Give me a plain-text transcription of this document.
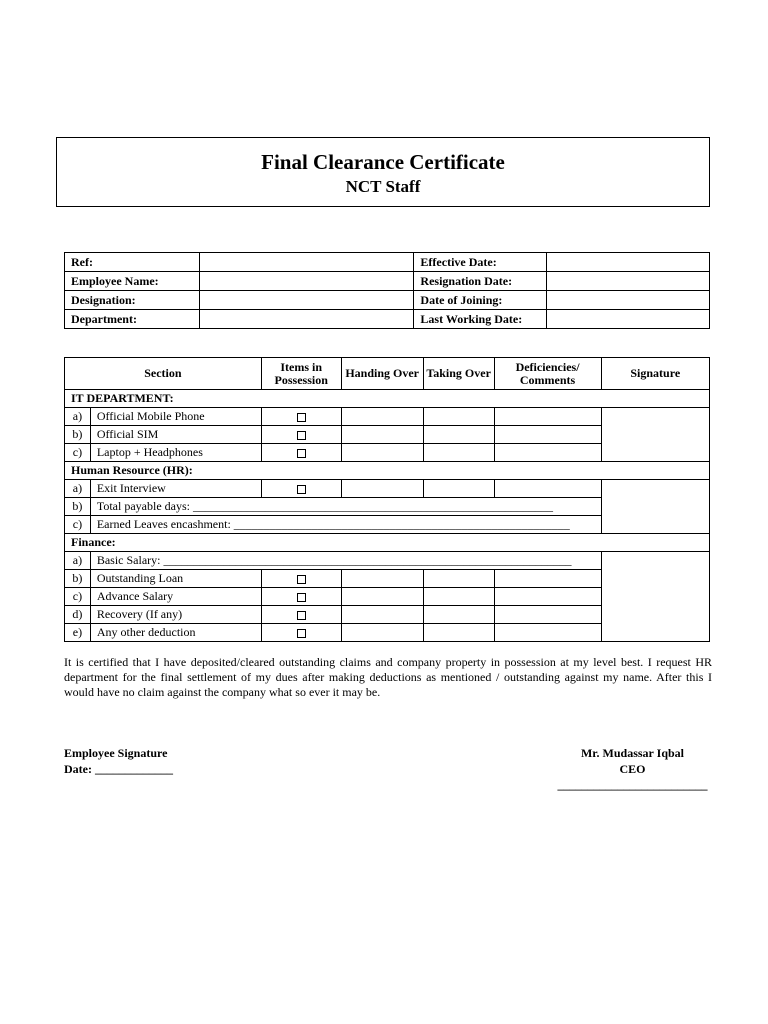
Final Clearance Certificate
NCT Staff
Ref:		Effective Date:	
Employee Name:		Resignation Date:	
Designation:		Date of Joining:	
Department:		Last Working Date:	
Section		Items in Possession	Handing Over	Taking Over	Deficiencies/ Comments	Signature
IT DEPARTMENT:						
a)	Official Mobile Phone					
b)	Official SIM					
c)	Laptop + Headphones					
Human Resource (HR):						
a)	Exit Interview					
b)	Total payable days: ____________________________________________________________					
c)	Earned Leaves encashment: ________________________________________________________					
Finance:						
a)	Basic Salary: ____________________________________________________________________					
b)	Outstanding Loan					
c)	Advance Salary					
d)	Recovery (If any)					
e)	Any other deduction					
It is certified that I have deposited/cleared outstanding claims and company property in possession at my level best. I request HR department for the final settlement of my dues after making deductions as mentioned / outstanding against my name. After this I would have no claim against the company what so ever it may be.
Employee Signature
Date: _____________
Mr. Mudassar Iqbal
CEO
_________________________
